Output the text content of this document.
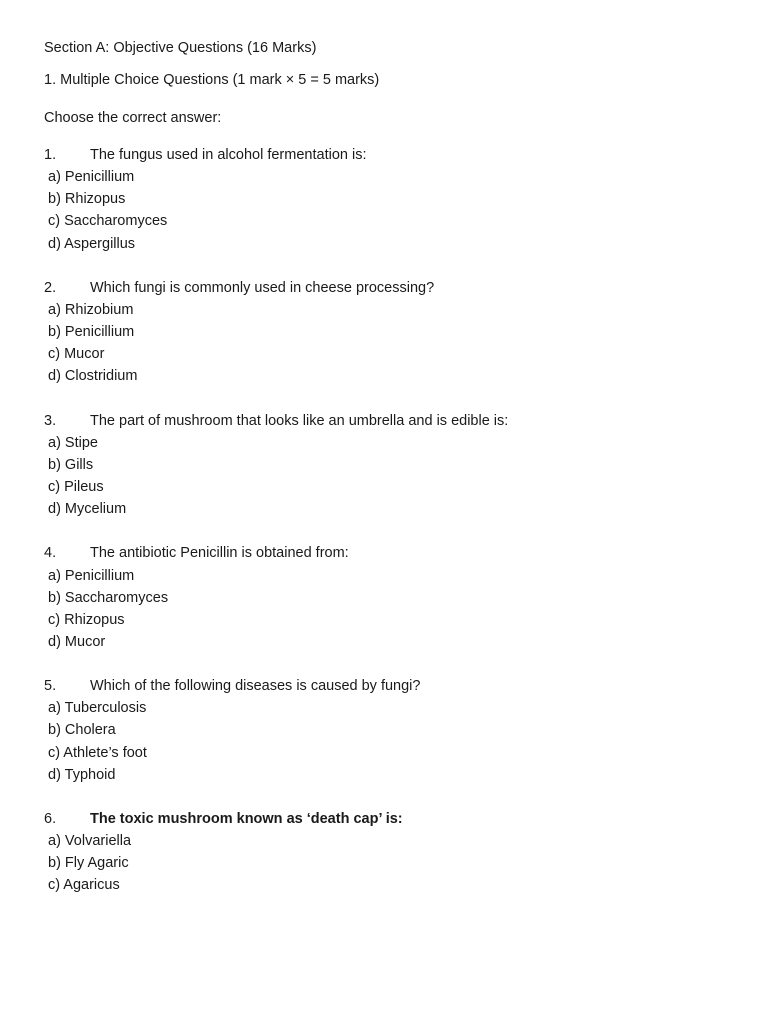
Section A: Objective Questions (16 Marks)
1. Multiple Choice Questions (1 mark × 5 = 5 marks)
Choose the correct answer:
1. The fungus used in alcohol fermentation is:
a) Penicillium
b) Rhizopus
c) Saccharomyces
d) Aspergillus
2. Which fungi is commonly used in cheese processing?
a) Rhizobium
b) Penicillium
c) Mucor
d) Clostridium
3. The part of mushroom that looks like an umbrella and is edible is:
a) Stipe
b) Gills
c) Pileus
d) Mycelium
4. The antibiotic Penicillin is obtained from:
a) Penicillium
b) Saccharomyces
c) Rhizopus
d) Mucor
5. Which of the following diseases is caused by fungi?
a) Tuberculosis
b) Cholera
c) Athlete’s foot
d) Typhoid
6. The toxic mushroom known as ‘death cap’ is:
a) Volvariella
b) Fly Agaric
c) Agaricus
